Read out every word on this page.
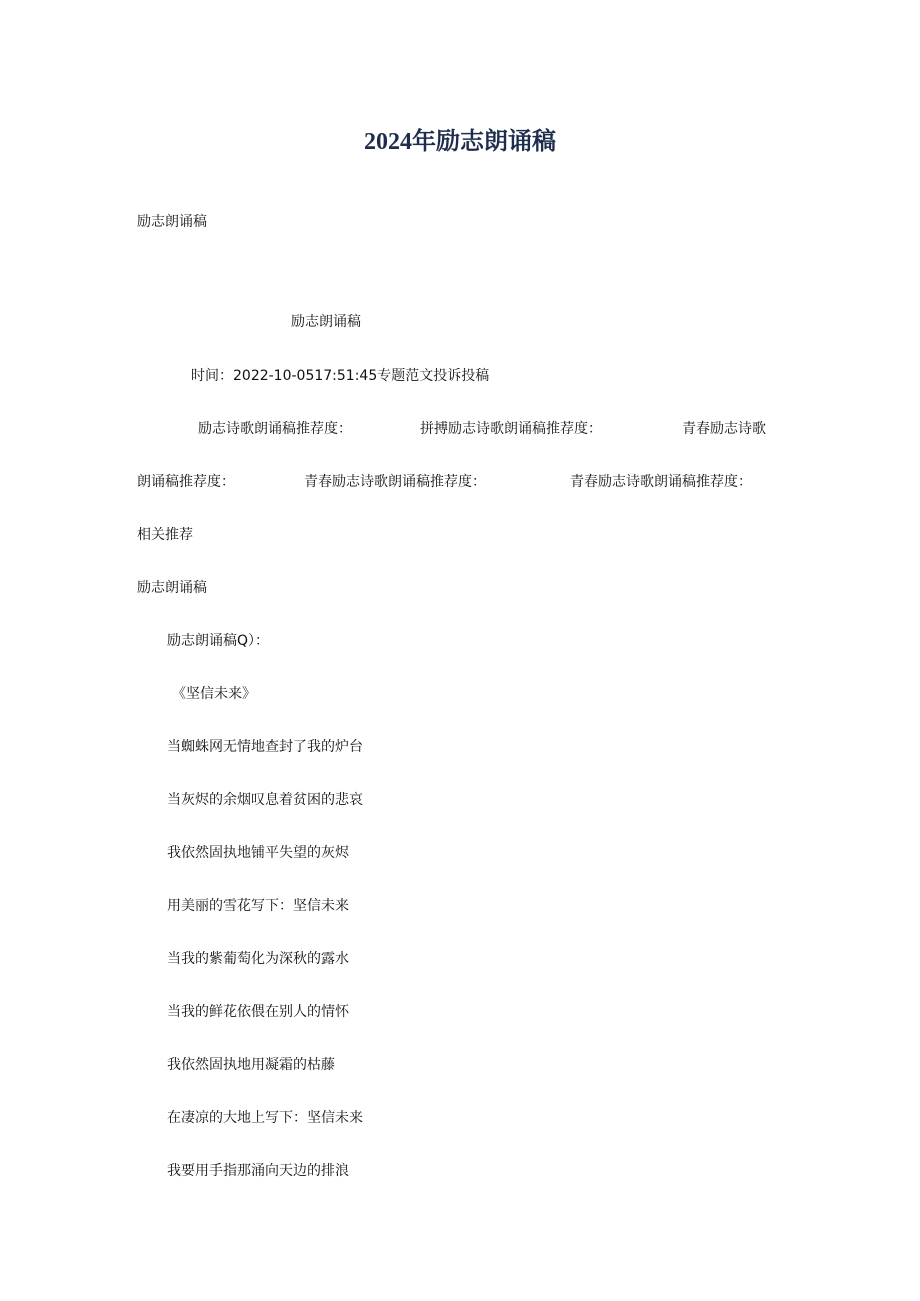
2024年励志朗诵稿

励志朗诵稿

励志朗诵稿

时间：2022-10-0517:51:45专题范文投诉投稿

励志诗歌朗诵稿推荐度：	拼搏励志诗歌朗诵稿推荐度：	青春励志诗歌

朗诵稿推荐度：	青春励志诗歌朗诵稿推荐度：	青春励志诗歌朗诵稿推荐度：

相关推荐

励志朗诵稿

励志朗诵稿Q）：

《坚信未来》

当蜘蛛网无情地查封了我的炉台

当灰烬的余烟叹息着贫困的悲哀

我依然固执地铺平失望的灰烬

用美丽的雪花写下：坚信未来

当我的紫葡萄化为深秋的露水

当我的鲜花依偎在别人的情怀

我依然固执地用凝霜的枯藤

在凄凉的大地上写下：坚信未来

我要用手指那涌向天边的排浪
